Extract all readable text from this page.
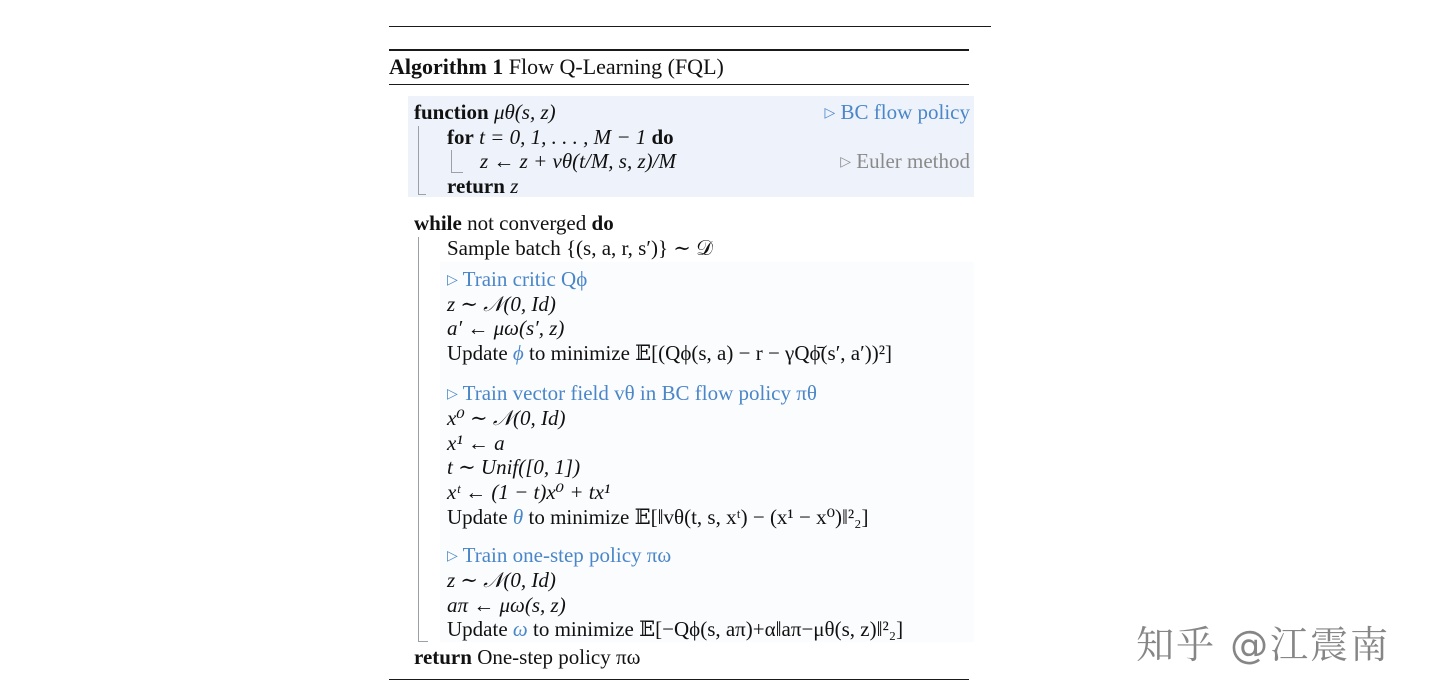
Algorithm 1 Flow Q-Learning (FQL)
function μθ(s, z)	▷ BC flow policy
for t = 0, 1, . . . , M − 1 do
z ← z + vθ(t/M, s, z)/M	▷ Euler method
return z
while not converged do
Sample batch {(s, a, r, s′)} ∼ 𝒟
▷ Train critic Qϕ
z ∼ 𝒩(0, Id)
a′ ← μω(s′, z)
Update ϕ to minimize 𝔼[(Qϕ(s, a) − r − γQϕ̄(s′, a′))²]
▷ Train vector field vθ in BC flow policy πθ
x⁰ ∼ 𝒩(0, Id)
x¹ ← a
t ∼ Unif([0, 1])
xᵗ ← (1 − t)x⁰ + tx¹
Update θ to minimize 𝔼[‖vθ(t, s, xᵗ) − (x¹ − x⁰)‖²₂]
▷ Train one-step policy πω
z ∼ 𝒩(0, Id)
aπ ← μω(s, z)
Update ω to minimize 𝔼[−Qϕ(s, aπ)+α‖aπ−μθ(s, z)‖²₂]
return One-step policy πω	知乎 @江震南
